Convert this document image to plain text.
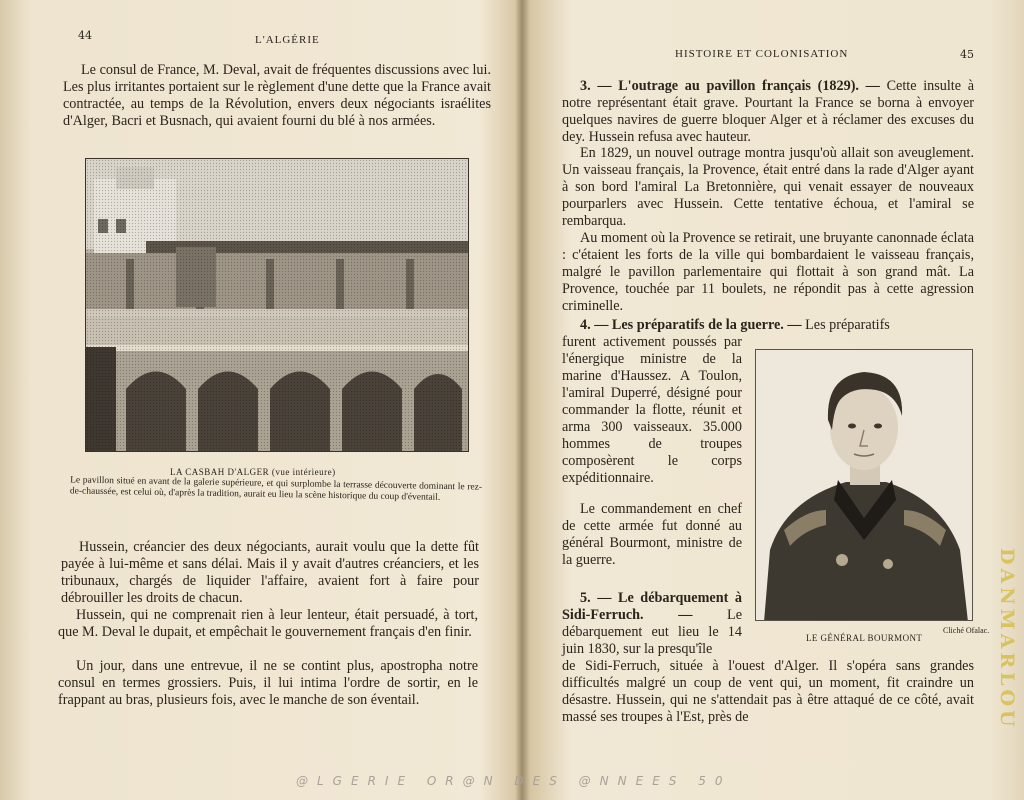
44	L'ALGÉRIE
Le consul de France, M. Deval, avait de fréquentes discussions avec lui. Les plus irritantes portaient sur le règlement d'une dette que la France avait contractée, au temps de la Révolution, envers deux négociants israélites d'Alger, Bacri et Busnach, qui avaient fourni du blé à nos armées.
LA CASBAH D'ALGER (vue intérieure)
Le pavillon situé en avant de la galerie supérieure, et qui surplombe la terrasse découverte dominant le rez-de-chaussée, est celui où, d'après la tradition, aurait eu lieu la scène historique du coup d'éventail.
Hussein, créancier des deux négociants, aurait voulu que la dette fût payée à lui-même et sans délai. Mais il y avait d'autres créanciers, et les tribunaux, chargés de liquider l'affaire, avaient fort à faire pour débrouiller les droits de chacun.
Hussein, qui ne comprenait rien à leur lenteur, était persuadé, à tort, que M. Deval le dupait, et empêchait le gouvernement français d'en finir.
Un jour, dans une entrevue, il ne se contint plus, apostropha notre consul en termes grossiers. Puis, il lui intima l'ordre de sortir, en le frappant au bras, plusieurs fois, avec le manche de son éventail.
HISTOIRE ET COLONISATION	45
3. — L'outrage au pavillon français (1829). — Cette insulte à notre représentant était grave. Pourtant la France se borna à envoyer quelques navires de guerre bloquer Alger et à réclamer des excuses du dey. Hussein refusa avec hauteur.
En 1829, un nouvel outrage montra jusqu'où allait son aveuglement. Un vaisseau français, la Provence, était entré dans la rade d'Alger ayant à son bord l'amiral La Bretonnière, qui venait essayer de nouveaux pourparlers avec Hussein. Cette tentative échoua, et l'amiral se rembarqua.
Au moment où la Provence se retirait, une bruyante canonnade éclata : c'étaient les forts de la ville qui bombardaient le vaisseau français, malgré le pavillon parlementaire qui flottait à son grand mât. La Provence, touchée par 11 boulets, ne répondit pas à cette agression criminelle.
4. — Les préparatifs de la guerre. — Les préparatifs
furent activement poussés par l'énergique ministre de la marine d'Haussez. A Toulon, l'amiral Duperré, désigné pour commander la flotte, réunit et arma 300 vaisseaux. 35.000 hommes de troupes composèrent le corps expéditionnaire.
Le commandement en chef de cette armée fut donné au général Bourmont, ministre de la guerre.
5. — Le débarquement à Sidi-Ferruch. — Le débarquement eut lieu le 14 juin 1830, sur la presqu'île
de Sidi-Ferruch, située à l'ouest d'Alger. Il s'opéra sans grandes difficultés malgré un coup de vent qui, un moment, fit craindre un désastre. Hussein, qui ne s'attendait pas à être attaqué de ce côté, avait massé ses troupes à l'Est, près de
LE GÉNÉRAL BOURMONT
Cliché Ofalac.
@LGERIE OR@N DES @NNEES 50
DANMARLOU
